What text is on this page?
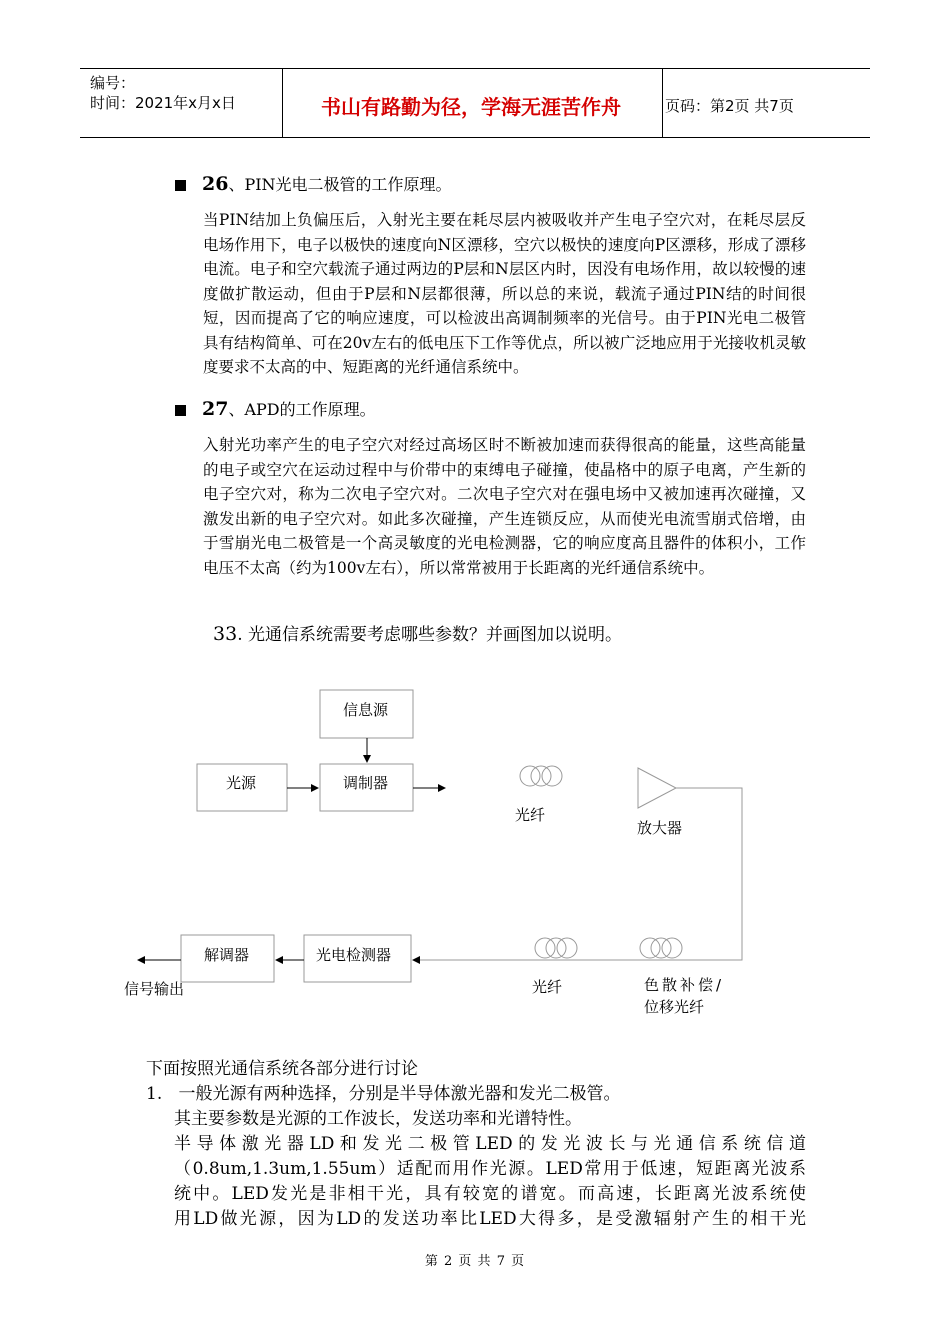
编号：
时间：2021年x月x日	书山有路勤为径，学海无涯苦作舟	页码：第2页 共7页
26 、PIN光电二极管的工作原理。

当PIN结加上负偏压后，入射光主要在耗尽层内被吸收并产生电子空穴对，在耗尽层反电场作用下，电子以极快的速度向N区漂移，空穴以极快的速度向P区漂移，形成了漂移电流。电子和空穴载流子通过两边的P层和N层区内时，因没有电场作用，故以较慢的速度做扩散运动，但由于P层和N层都很薄，所以总的来说，载流子通过PIN结的时间很短，因而提高了它的响应速度，可以检波出高调制频率的光信号。由于PIN光电二极管具有结构简单、可在20v左右的低电压下工作等优点，所以被广泛地应用于光接收机灵敏度要求不太高的中、短距离的光纤通信系统中。

27 、APD的工作原理。

入射光功率产生的电子空穴对经过高场区时不断被加速而获得很高的能量，这些高能量的电子或空穴在运动过程中与价带中的束缚电子碰撞，使晶格中的原子电离，产生新的电子空穴对，称为二次电子空穴对。二次电子空穴对在强电场中又被加速再次碰撞，又激发出新的电子空穴对。如此多次碰撞，产生连锁反应，从而使光电流雪崩式倍增，由于雪崩光电二极管是一个高灵敏度的光电检测器，它的响应度高且器件的体积小，工作电压不太高（约为100v左右），所以常常被用于长距离的光纤通信系统中。

33. 光通信系统需要考虑哪些参数？并画图加以说明。
信息源
光源	调制器
光纤
放大器
解调器	光电检测器
信号输出	光纤	色散补偿/
位移光纤
下面按照光通信系统各部分进行讨论
1. 一般光源有两种选择，分别是半导体激光器和发光二极管。
其主要参数是光源的工作波长，发送功率和光谱特性。
半导体激光器LD和发光二极管LED的发光波长与光通信系统信道
（0.8um,1.3um,1.55um）适配而用作光源。LED常用于低速，短距离光波系
统中。LED发光是非相干光，具有较宽的谱宽。而高速，长距离光波系统使
用LD做光源，因为LD的发送功率比LED大得多，是受激辐射产生的相干光
第 2 页 共 7 页
